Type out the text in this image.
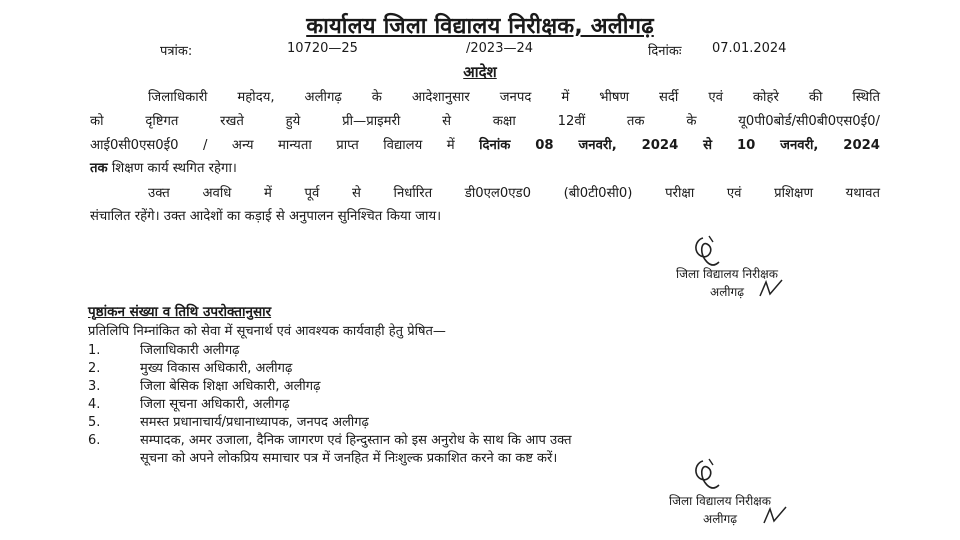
कार्यालय जिला विद्यालय निरीक्षक, अलीगढ़
पत्रांक:	10720—25	/2023—24	दिनांकः 07.01.2024
आदेश
जिलाधिकारी महोदय, अलीगढ़ के आदेशानुसार जनपद में भीषण सर्दी एवं कोहरे की स्थिति
को दृष्टिगत रखते हुये प्री—प्राइमरी से कक्षा 12वीं तक के यू0पी0बोर्ड/सी0बी0एस0ई0/
आई0सी0एस0ई0 / अन्य मान्यता प्राप्त विद्यालय में दिनांक 08 जनवरी, 2024 से 10 जनवरी, 2024
तक शिक्षण कार्य स्थगित रहेगा।
उक्त अवधि में पूर्व से निर्धारित डी0एल0एड0 (बी0टी0सी0) परीक्षा एवं प्रशिक्षण यथावत
संचालित रहेंगे। उक्त आदेशों का कड़ाई से अनुपालन सुनिश्चित किया जाय।
जिला विद्यालय निरीक्षक
अलीगढ़
पृष्ठांकन संख्या व तिथि उपरोक्तानुसार
प्रतिलिपि निम्नांकित को सेवा में सूचनार्थ एवं आवश्यक कार्यवाही हेतु प्रेषित—
1.	जिलाधिकारी अलीगढ़
2.	मुख्य विकास अधिकारी, अलीगढ़
3.	जिला बेसिक शिक्षा अधिकारी, अलीगढ़
4.	जिला सूचना अधिकारी, अलीगढ़
5.	समस्त प्रधानाचार्य/प्रधानाध्यापक, जनपद अलीगढ़
6.	सम्पादक, अमर उजाला, दैनिक जागरण एवं हिन्दुस्तान को इस अनुरोध के साथ कि आप उक्त
सूचना को अपने लोकप्रिय समाचार पत्र में जनहित में निःशुल्क प्रकाशित करने का कष्ट करें।
जिला विद्यालय निरीक्षक
अलीगढ़
